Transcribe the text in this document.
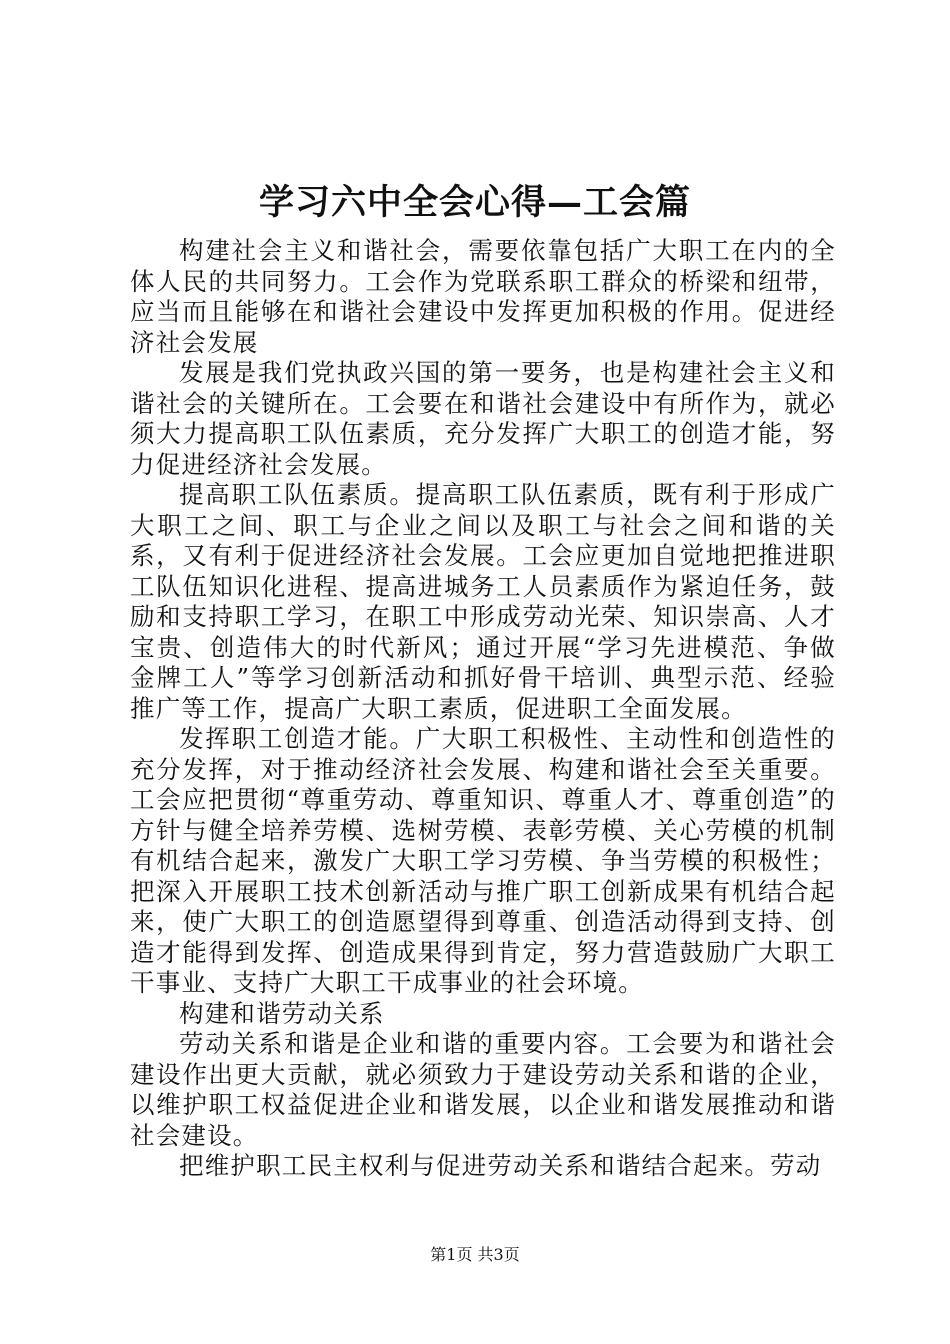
学习六中全会心得—工会篇

构建社会主义和谐社会，需要依靠包括广大职工在内的全体人民的共同努力。工会作为党联系职工群众的桥梁和纽带，应当而且能够在和谐社会建设中发挥更加积极的作用。促进经济社会发展

发展是我们党执政兴国的第一要务，也是构建社会主义和谐社会的关键所在。工会要在和谐社会建设中有所作为，就必须大力提高职工队伍素质，充分发挥广大职工的创造才能，努力促进经济社会发展。

提高职工队伍素质。提高职工队伍素质，既有利于形成广大职工之间、职工与企业之间以及职工与社会之间和谐的关系，又有利于促进经济社会发展。工会应更加自觉地把推进职工队伍知识化进程、提高进城务工人员素质作为紧迫任务，鼓励和支持职工学习，在职工中形成劳动光荣、知识崇高、人才宝贵、创造伟大的时代新风；通过开展“学习先进模范、争做金牌工人”等学习创新活动和抓好骨干培训、典型示范、经验推广等工作，提高广大职工素质，促进职工全面发展。

发挥职工创造才能。广大职工积极性、主动性和创造性的充分发挥，对于推动经济社会发展、构建和谐社会至关重要。工会应把贯彻“尊重劳动、尊重知识、尊重人才、尊重创造”的方针与健全培养劳模、选树劳模、表彰劳模、关心劳模的机制有机结合起来，激发广大职工学习劳模、争当劳模的积极性；把深入开展职工技术创新活动与推广职工创新成果有机结合起来，使广大职工的创造愿望得到尊重、创造活动得到支持、创造才能得到发挥、创造成果得到肯定，努力营造鼓励广大职工干事业、支持广大职工干成事业的社会环境。

构建和谐劳动关系

劳动关系和谐是企业和谐的重要内容。工会要为和谐社会建设作出更大贡献，就必须致力于建设劳动关系和谐的企业，以维护职工权益促进企业和谐发展，以企业和谐发展推动和谐社会建设。

把维护职工民主权利与促进劳动关系和谐结合起来。劳动

第1页 共3页
